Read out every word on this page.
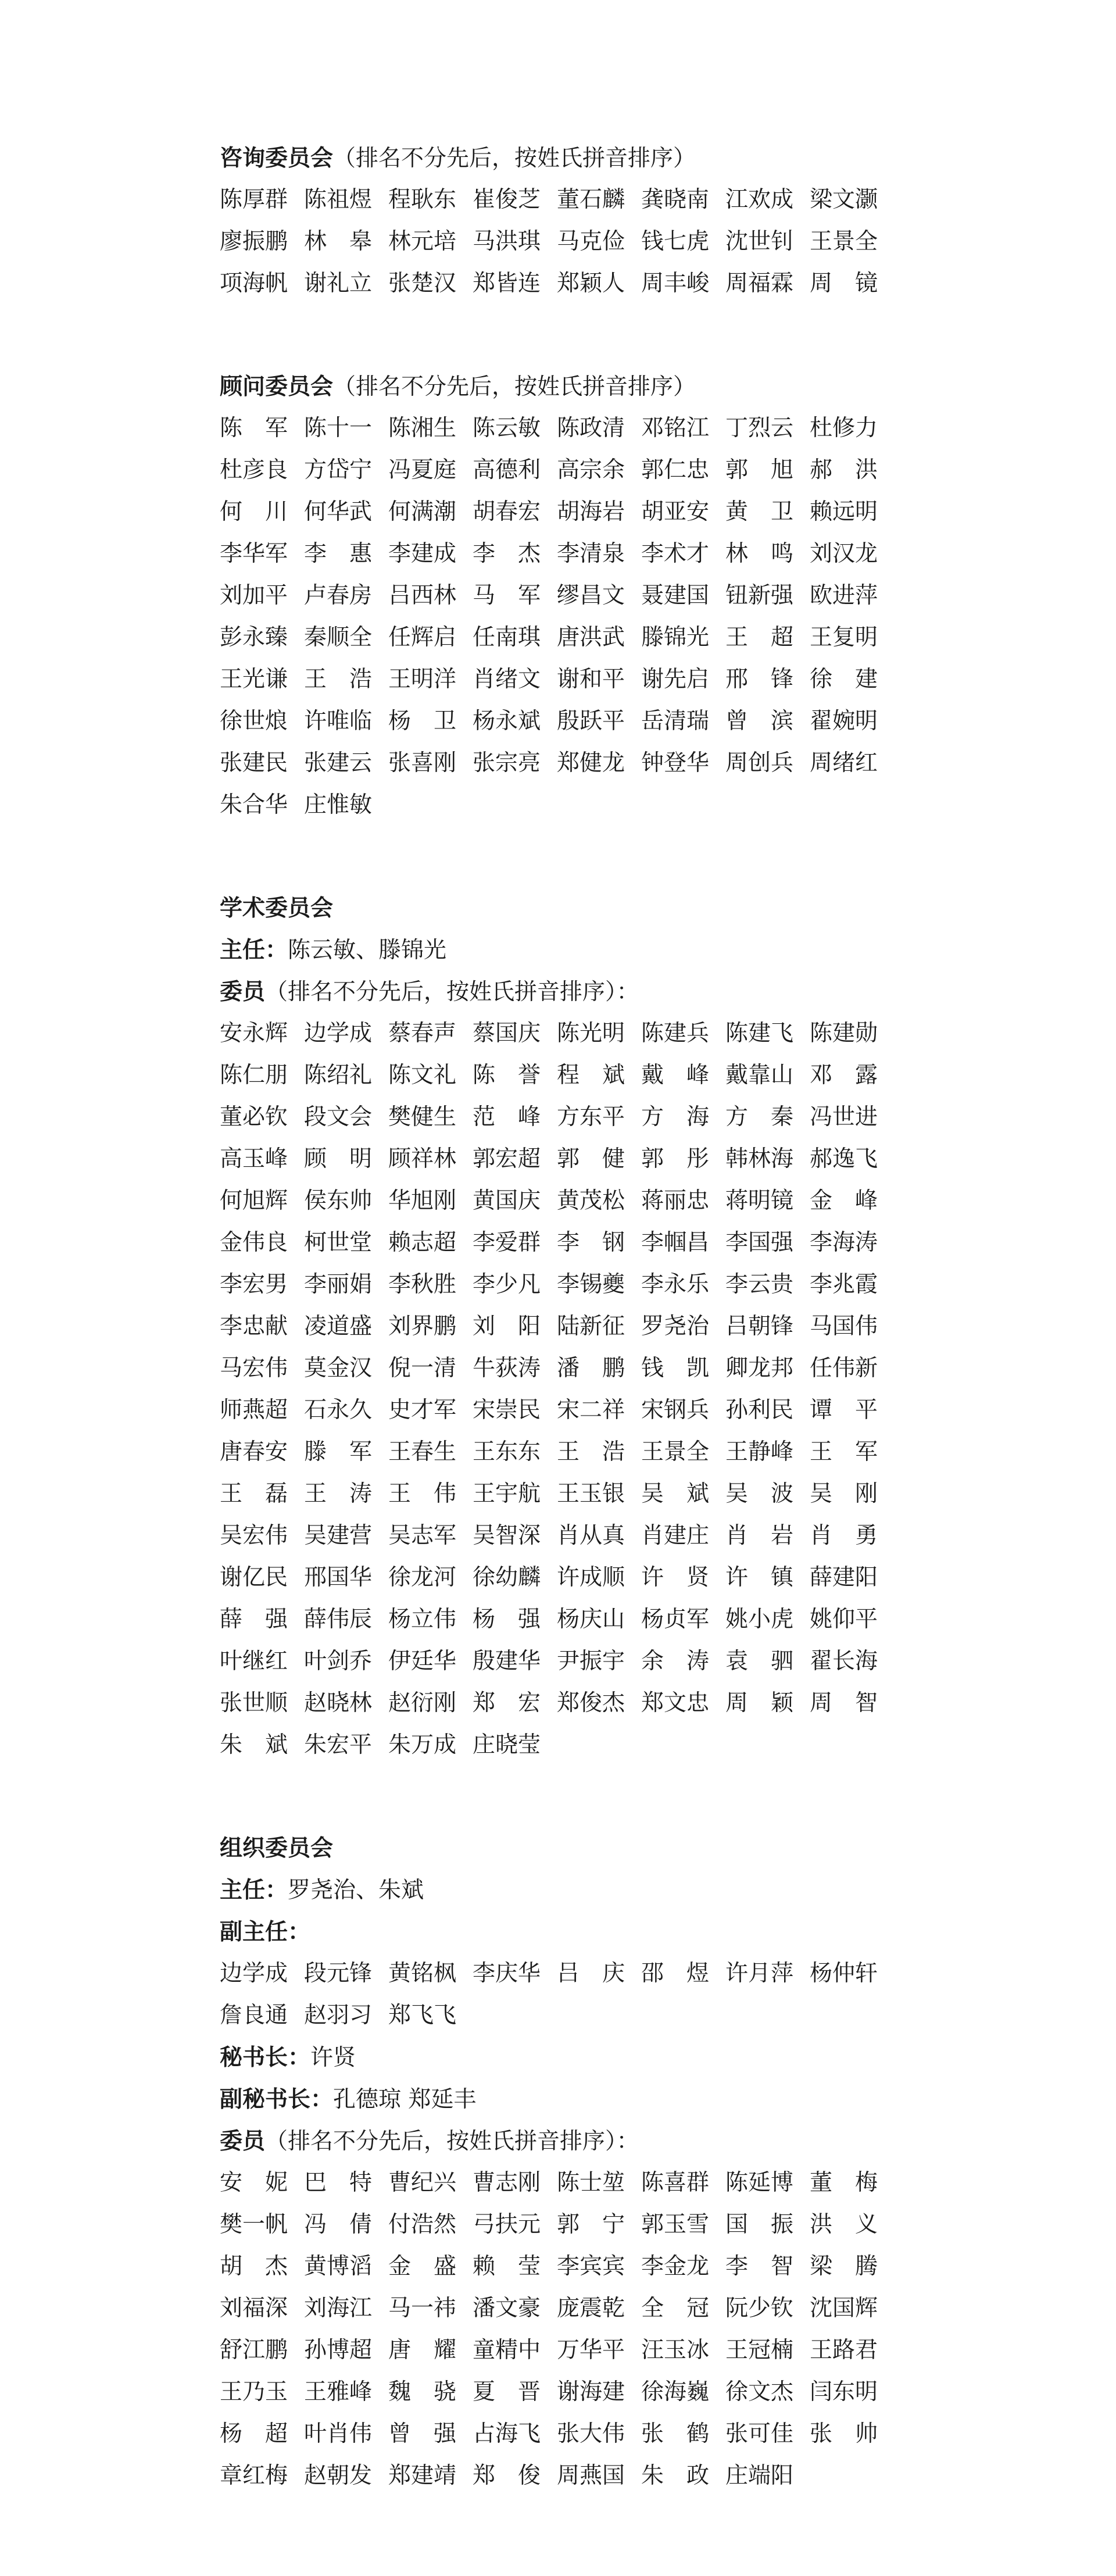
咨询委员会（排名不分先后，按姓氏拼音排序）
陈厚群 陈祖煜 程耿东 崔俊芝 董石麟 龚晓南 江欢成 梁文灏
廖振鹏 林　皋 林元培 马洪琪 马克俭 钱七虎 沈世钊 王景全
项海帆 谢礼立 张楚汉 郑皆连 郑颖人 周丰峻 周福霖 周　镜
顾问委员会（排名不分先后，按姓氏拼音排序）
陈　军 陈十一 陈湘生 陈云敏 陈政清 邓铭江 丁烈云 杜修力
杜彦良 方岱宁 冯夏庭 高德利 高宗余 郭仁忠 郭　旭 郝　洪
何　川 何华武 何满潮 胡春宏 胡海岩 胡亚安 黄　卫 赖远明
李华军 李　惠 李建成 李　杰 李清泉 李术才 林　鸣 刘汉龙
刘加平 卢春房 吕西林 马　军 缪昌文 聂建国 钮新强 欧进萍
彭永臻 秦顺全 任辉启 任南琪 唐洪武 滕锦光 王　超 王复明
王光谦 王　浩 王明洋 肖绪文 谢和平 谢先启 邢　锋 徐　建
徐世烺 许唯临 杨　卫 杨永斌 殷跃平 岳清瑞 曾　滨 翟婉明
张建民 张建云 张喜刚 张宗亮 郑健龙 钟登华 周创兵 周绪红
朱合华 庄惟敏
学术委员会
主任：陈云敏、滕锦光
委员（排名不分先后，按姓氏拼音排序）：
安永辉 边学成 蔡春声 蔡国庆 陈光明 陈建兵 陈建飞 陈建勋
陈仁朋 陈绍礼 陈文礼 陈　誉 程　斌 戴　峰 戴靠山 邓　露
董必钦 段文会 樊健生 范　峰 方东平 方　海 方　秦 冯世进
高玉峰 顾　明 顾祥林 郭宏超 郭　健 郭　彤 韩林海 郝逸飞
何旭辉 侯东帅 华旭刚 黄国庆 黄茂松 蒋丽忠 蒋明镜 金　峰
金伟良 柯世堂 赖志超 李爱群 李　钢 李帼昌 李国强 李海涛
李宏男 李丽娟 李秋胜 李少凡 李锡夔 李永乐 李云贵 李兆霞
李忠献 凌道盛 刘界鹏 刘　阳 陆新征 罗尧治 吕朝锋 马国伟
马宏伟 莫金汉 倪一清 牛荻涛 潘　鹏 钱　凯 卿龙邦 任伟新
师燕超 石永久 史才军 宋崇民 宋二祥 宋钢兵 孙利民 谭　平
唐春安 滕　军 王春生 王东东 王　浩 王景全 王静峰 王　军
王　磊 王　涛 王　伟 王宇航 王玉银 吴　斌 吴　波 吴　刚
吴宏伟 吴建营 吴志军 吴智深 肖从真 肖建庄 肖　岩 肖　勇
谢亿民 邢国华 徐龙河 徐幼麟 许成顺 许　贤 许　镇 薛建阳
薛　强 薛伟辰 杨立伟 杨　强 杨庆山 杨贞军 姚小虎 姚仰平
叶继红 叶剑乔 伊廷华 殷建华 尹振宇 余　涛 袁　驷 翟长海
张世顺 赵晓林 赵衍刚 郑　宏 郑俊杰 郑文忠 周　颖 周　智
朱　斌 朱宏平 朱万成 庄晓莹
组织委员会
主任：罗尧治、朱斌
副主任：
边学成 段元锋 黄铭枫 李庆华 吕　庆 邵　煜 许月萍 杨仲轩
詹良通 赵羽习 郑飞飞
秘书长：许贤
副秘书长：孔德琼 郑延丰
委员（排名不分先后，按姓氏拼音排序）：
安　妮 巴　特 曹纪兴 曹志刚 陈士堃 陈喜群 陈延博 董　梅
樊一帆 冯　倩 付浩然 弓扶元 郭　宁 郭玉雪 国　振 洪　义
胡　杰 黄博滔 金　盛 赖　莹 李宾宾 李金龙 李　智 梁　腾
刘福深 刘海江 马一祎 潘文豪 庞震乾 全　冠 阮少钦 沈国辉
舒江鹏 孙博超 唐　耀 童精中 万华平 汪玉冰 王冠楠 王路君
王乃玉 王雅峰 魏　骁 夏　晋 谢海建 徐海巍 徐文杰 闫东明
杨　超 叶肖伟 曾　强 占海飞 张大伟 张　鹤 张可佳 张　帅
章红梅 赵朝发 郑建靖 郑　俊 周燕国 朱　政 庄端阳
